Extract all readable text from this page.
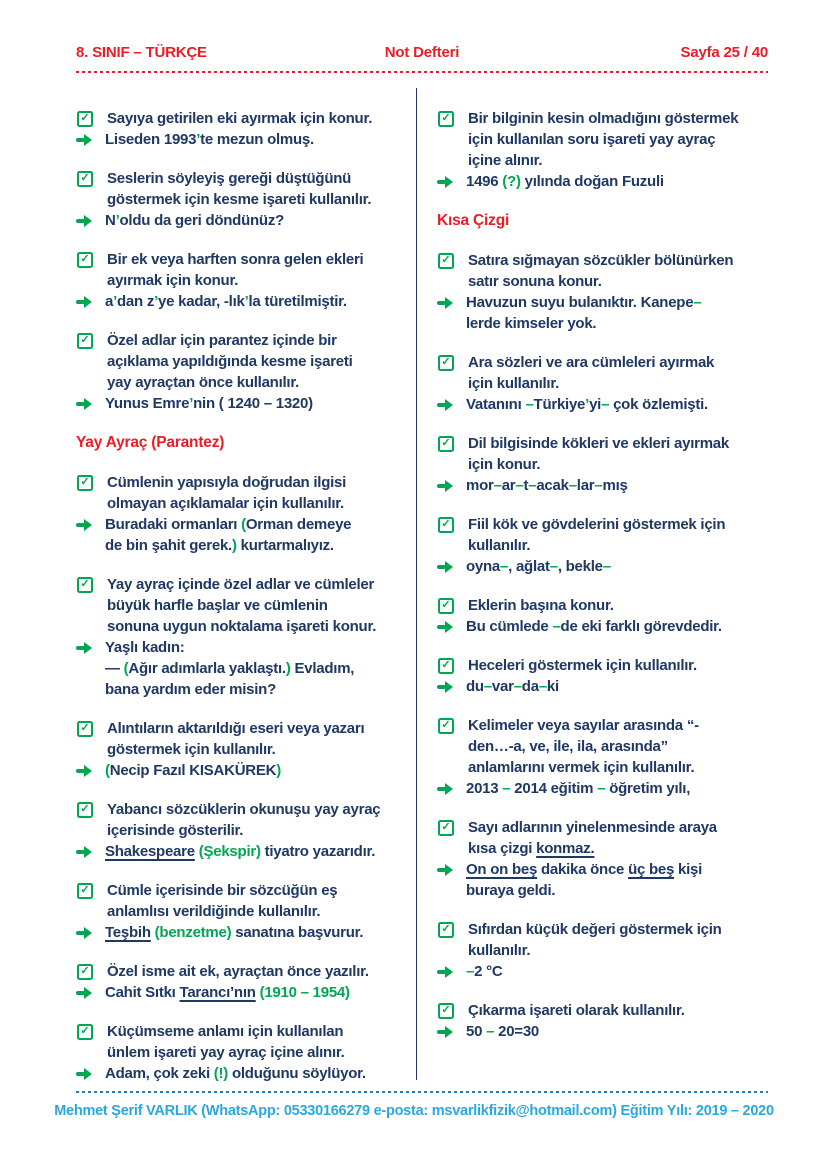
8. SINIF – TÜRKÇE	Not Defteri	Sayfa 25 / 40
✓ Sayıya getirilen eki ayırmak için konur.
Liseden 1993’te mezun olmuş.
✓ Seslerin söyleyiş gereği düştüğünü
göstermek için kesme işareti kullanılır.
N’oldu da geri döndünüz?
✓ Bir ek veya harften sonra gelen ekleri
ayırmak için konur.
a’dan z’ye kadar, -lık’la türetilmiştir.
✓ Özel adlar için parantez içinde bir
açıklama yapıldığında kesme işareti
yay ayraçtan önce kullanılır.
Yunus Emre’nin ( 1240 – 1320)
Yay Ayraç (Parantez)
✓ Cümlenin yapısıyla doğrudan ilgisi
olmayan açıklamalar için kullanılır.
Buradaki ormanları (Orman demeye
de bin şahit gerek.) kurtarmalıyız.
✓ Yay ayraç içinde özel adlar ve cümleler
büyük harfle başlar ve cümlenin
sonuna uygun noktalama işareti konur.
Yaşlı kadın:
— (Ağır adımlarla yaklaştı.) Evladım,
bana yardım eder misin?
✓ Alıntıların aktarıldığı eseri veya yazarı
göstermek için kullanılır.
(Necip Fazıl KISAKÜREK)
✓ Yabancı sözcüklerin okunuşu yay ayraç
içerisinde gösterilir.
Shakespeare (Şekspir) tiyatro yazarıdır.
✓ Cümle içerisinde bir sözcüğün eş
anlamlısı verildiğinde kullanılır.
Teşbih (benzetme) sanatına başvurur.
✓ Özel isme ait ek, ayraçtan önce yazılır.
Cahit Sıtkı Tarancı’nın (1910 – 1954)
✓ Küçümseme anlamı için kullanılan
ünlem işareti yay ayraç içine alınır.
Adam, çok zeki (!) olduğunu söylüyor.
✓ Bir bilginin kesin olmadığını göstermek
için kullanılan soru işareti yay ayraç
içine alınır.
1496 (?) yılında doğan Fuzuli
Kısa Çizgi
✓ Satıra sığmayan sözcükler bölünürken
satır sonuna konur.
Havuzun suyu bulanıktır. Kanepe–
lerde kimseler yok.
✓ Ara sözleri ve ara cümleleri ayırmak
için kullanılır.
Vatanını –Türkiye’yi– çok özlemişti.
✓ Dil bilgisinde kökleri ve ekleri ayırmak
için konur.
mor–ar–t–acak–lar–mış
✓ Fiil kök ve gövdelerini göstermek için
kullanılır.
oyna–, ağlat–, bekle–
✓ Eklerin başına konur.
Bu cümlede –de eki farklı görevdedir.
✓ Heceleri göstermek için kullanılır.
du–var–da–ki
✓ Kelimeler veya sayılar arasında “-
den…-a, ve, ile, ila, arasında”
anlamlarını vermek için kullanılır.
2013 – 2014 eğitim – öğretim yılı,
✓ Sayı adlarının yinelenmesinde araya
kısa çizgi konmaz.
On on beş dakika önce üç beş kişi
buraya geldi.
✓ Sıfırdan küçük değeri göstermek için
kullanılır.
–2 °C
✓ Çıkarma işareti olarak kullanılır.
50 – 20=30
Mehmet Şerif VARLIK (WhatsApp: 05330166279 e-posta: msvarlikfizik@hotmail.com) Eğitim Yılı: 2019 – 2020
